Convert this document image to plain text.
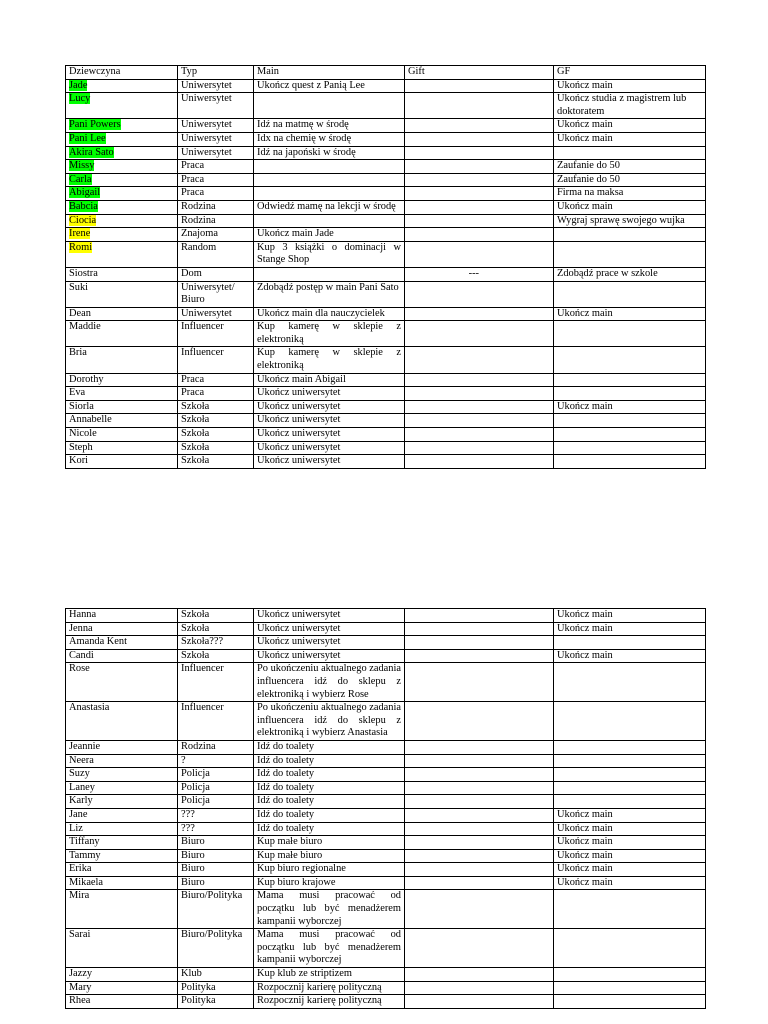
Dziewczyna	Typ	Main	Gift	GF
Jade	Uniwersytet	Ukończ quest z Panią Lee		Ukończ main
Lucy	Uniwersytet			Ukończ studia z magistrem lub doktoratem
Pani Powers	Uniwersytet	Idź na matmę w środę		Ukończ main
Pani Lee	Uniwersytet	Idx na chemię w środę		Ukończ main
Akira Sato	Uniwersytet	Idź na japoński w środę		
Missy	Praca			Zaufanie do 50
Carla	Praca			Zaufanie do 50
Abigail	Praca			Firma na maksa
Babcia	Rodzina	Odwiedź mamę na lekcji w środę		Ukończ main
Ciocia	Rodzina			Wygraj sprawę swojego wujka
Irene	Znajoma	Ukończ main Jade		
Romi	Random	Kup 3 książki o dominacji w Stange Shop		
Siostra	Dom		---	Zdobądź prace w szkole
Suki	Uniwersytet/ Biuro	Zdobądź postęp w main Pani Sato		
Dean	Uniwersytet	Ukończ main dla nauczycielek		Ukończ main
Maddie	Influencer	Kup kamerę w sklepie z elektroniką		
Bria	Influencer	Kup kamerę w sklepie z elektroniką		
Dorothy	Praca	Ukończ main Abigail		
Eva	Praca	Ukończ uniwersytet		
Siorla	Szkoła	Ukończ uniwersytet		Ukończ main
Annabelle	Szkoła	Ukończ uniwersytet		
Nicole	Szkoła	Ukończ uniwersytet		
Steph	Szkoła	Ukończ uniwersytet		
Kori	Szkoła	Ukończ uniwersytet		
Hanna	Szkoła	Ukończ uniwersytet		Ukończ main
Jenna	Szkoła	Ukończ uniwersytet		Ukończ main
Amanda Kent	Szkoła???	Ukończ uniwersytet		
Candi	Szkoła	Ukończ uniwersytet		Ukończ main
Rose	Influencer	Po ukończeniu aktualnego zadania influencera idź do sklepu z elektroniką i wybierz Rose		
Anastasia	Influencer	Po ukończeniu aktualnego zadania influencera idź do sklepu z elektroniką i wybierz Anastasia		
Jeannie	Rodzina	Idź do toalety		
Neera	?	Idź do toalety		
Suzy	Policja	Idź do toalety		
Laney	Policja	Idź do toalety		
Karly	Policja	Idź do toalety		
Jane	???	Idź do toalety		Ukończ main
Liz	???	Idź do toalety		Ukończ main
Tiffany	Biuro	Kup małe biuro		Ukończ main
Tammy	Biuro	Kup małe biuro		Ukończ main
Erika	Biuro	Kup biuro regionalne		Ukończ main
Mikaela	Biuro	Kup biuro krajowe		Ukończ main
Mira	Biuro/Polityka	Mama musi pracować od początku lub być menadżerem kampanii wyborczej		
Sarai	Biuro/Polityka	Mama musi pracować od początku lub być menadżerem kampanii wyborczej		
Jazzy	Klub	Kup klub ze striptizem		
Mary	Polityka	Rozpocznij karierę polityczną		
Rhea	Polityka	Rozpocznij karierę polityczną		
